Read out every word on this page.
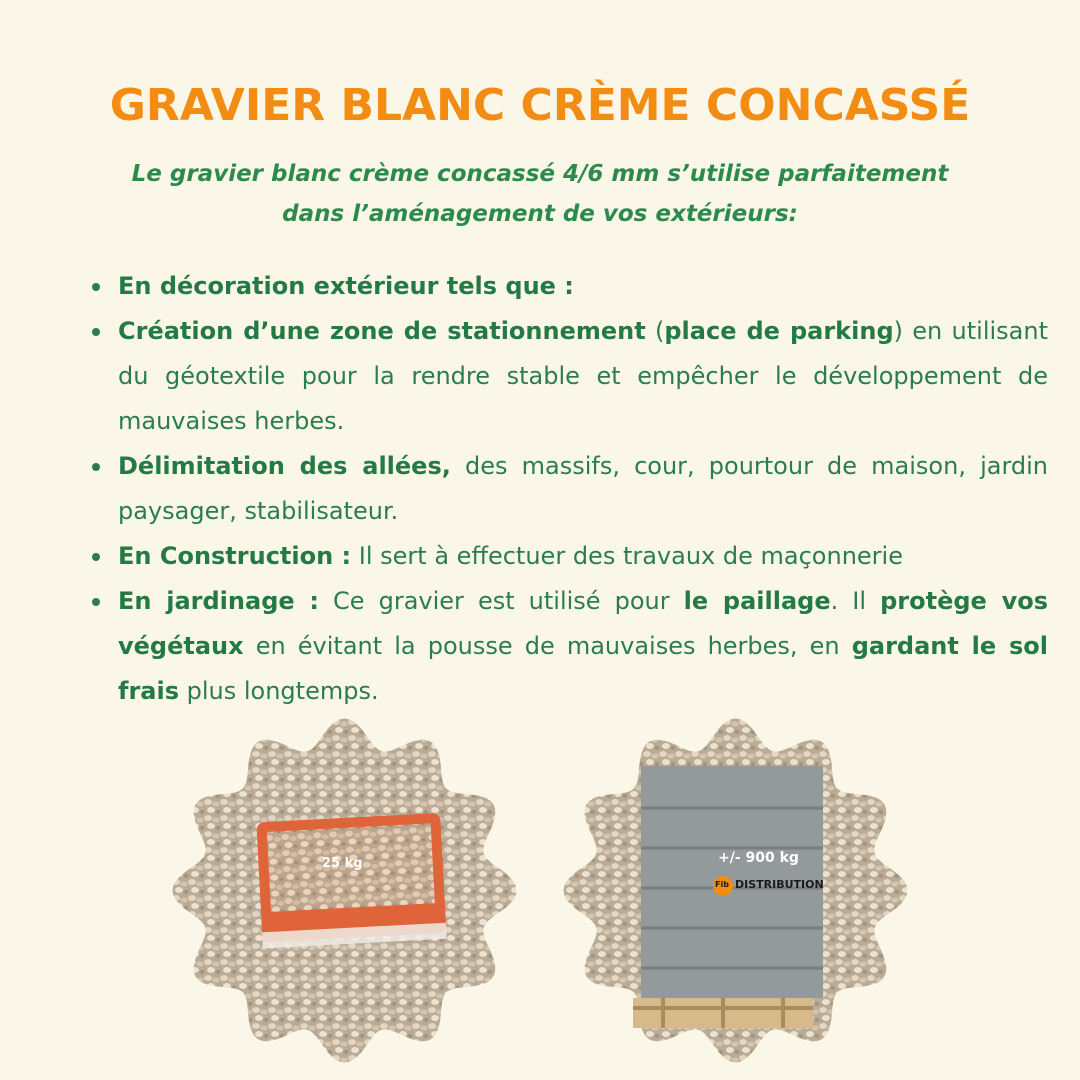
GRAVIER BLANC CRÈME CONCASSÉ
Le gravier blanc crème concassé 4/6 mm s’utilise parfaitement
dans l’aménagement de vos extérieurs:
En décoration extérieur tels que :
Création d’une zone de stationnement (place de parking) en utilisant du géotextile pour la rendre stable et empêcher le développement de mauvaises herbes.
Délimitation des allées, des massifs, cour, pourtour de maison, jardin paysager, stabilisateur.
En Construction : Il sert à effectuer des travaux de maçonnerie
En jardinage : Ce gravier est utilisé pour le paillage. Il protège vos végétaux en évitant la pousse de mauvaises herbes, en gardant le sol frais plus longtemps.
25 kg	+/- 900 kg
Fib DISTRIBUTION
